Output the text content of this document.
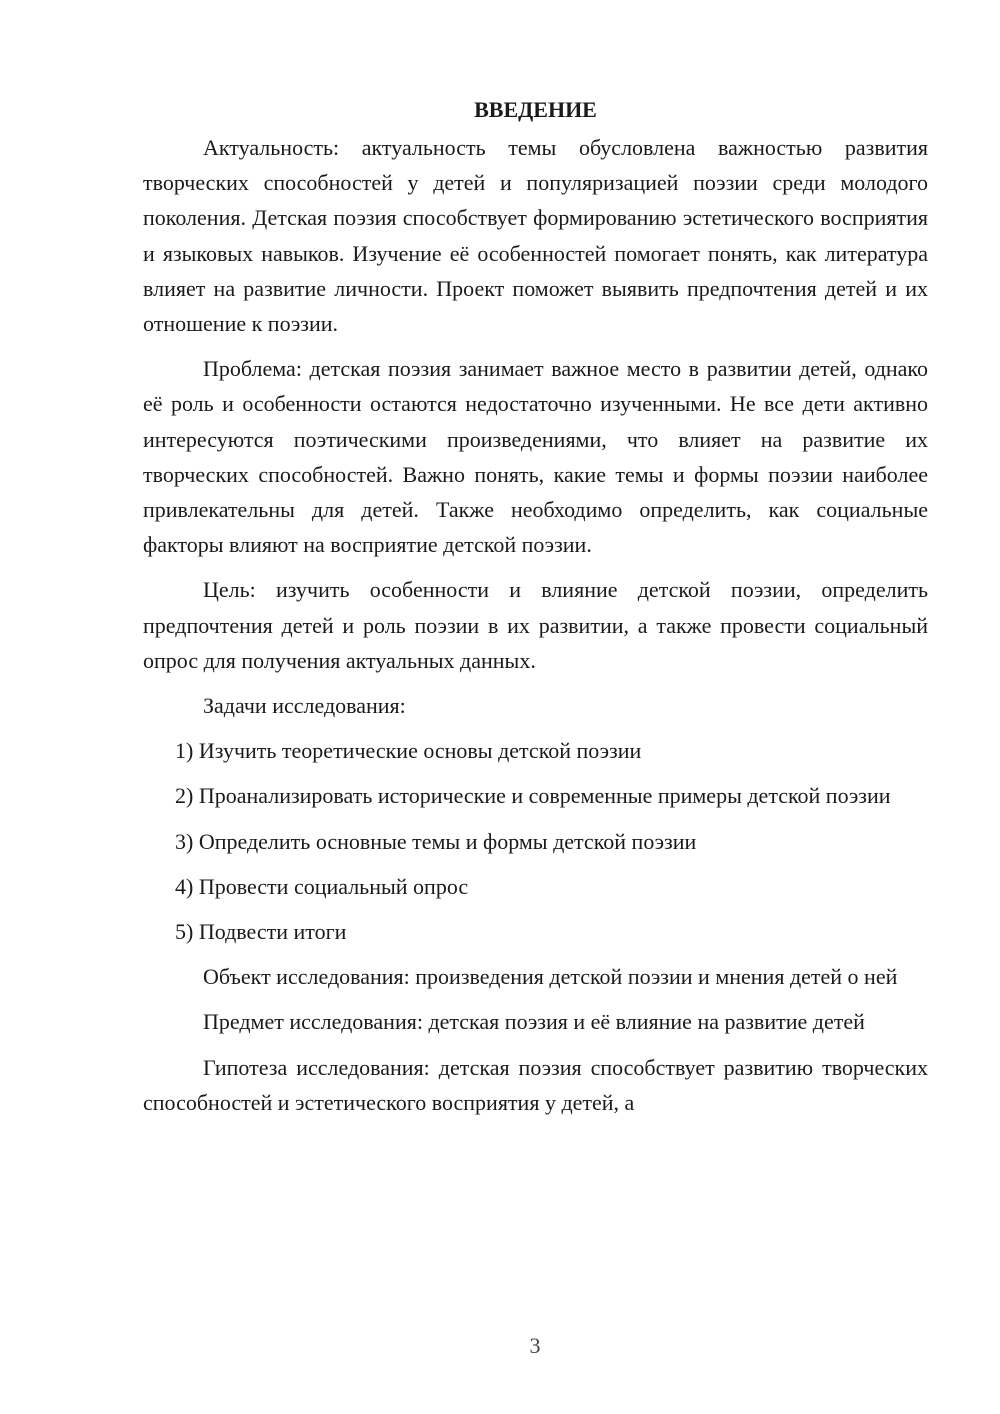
ВВЕДЕНИЕ

Актуальность: актуальность темы обусловлена важностью развития творческих способностей у детей и популяризацией поэзии среди молодого поколения. Детская поэзия способствует формированию эстетического восприятия и языковых навыков. Изучение её особенностей помогает понять, как литература влияет на развитие личности. Проект поможет выявить предпочтения детей и их отношение к поэзии.

Проблема: детская поэзия занимает важное место в развитии детей, однако её роль и особенности остаются недостаточно изученными. Не все дети активно интересуются поэтическими произведениями, что влияет на развитие их творческих способностей. Важно понять, какие темы и формы поэзии наиболее привлекательны для детей. Также необходимо определить, как социальные факторы влияют на восприятие детской поэзии.

Цель: изучить особенности и влияние детской поэзии, определить предпочтения детей и роль поэзии в их развитии, а также провести социальный опрос для получения актуальных данных.

Задачи исследования:

1) Изучить теоретические основы детской поэзии

2) Проанализировать исторические и современные примеры детской поэзии

3) Определить основные темы и формы детской поэзии

4) Провести социальный опрос

5) Подвести итоги

Объект исследования: произведения детской поэзии и мнения детей о ней

Предмет исследования: детская поэзия и её влияние на развитие детей

Гипотеза исследования: детская поэзия способствует развитию творческих способностей и эстетического восприятия у детей, а

3
